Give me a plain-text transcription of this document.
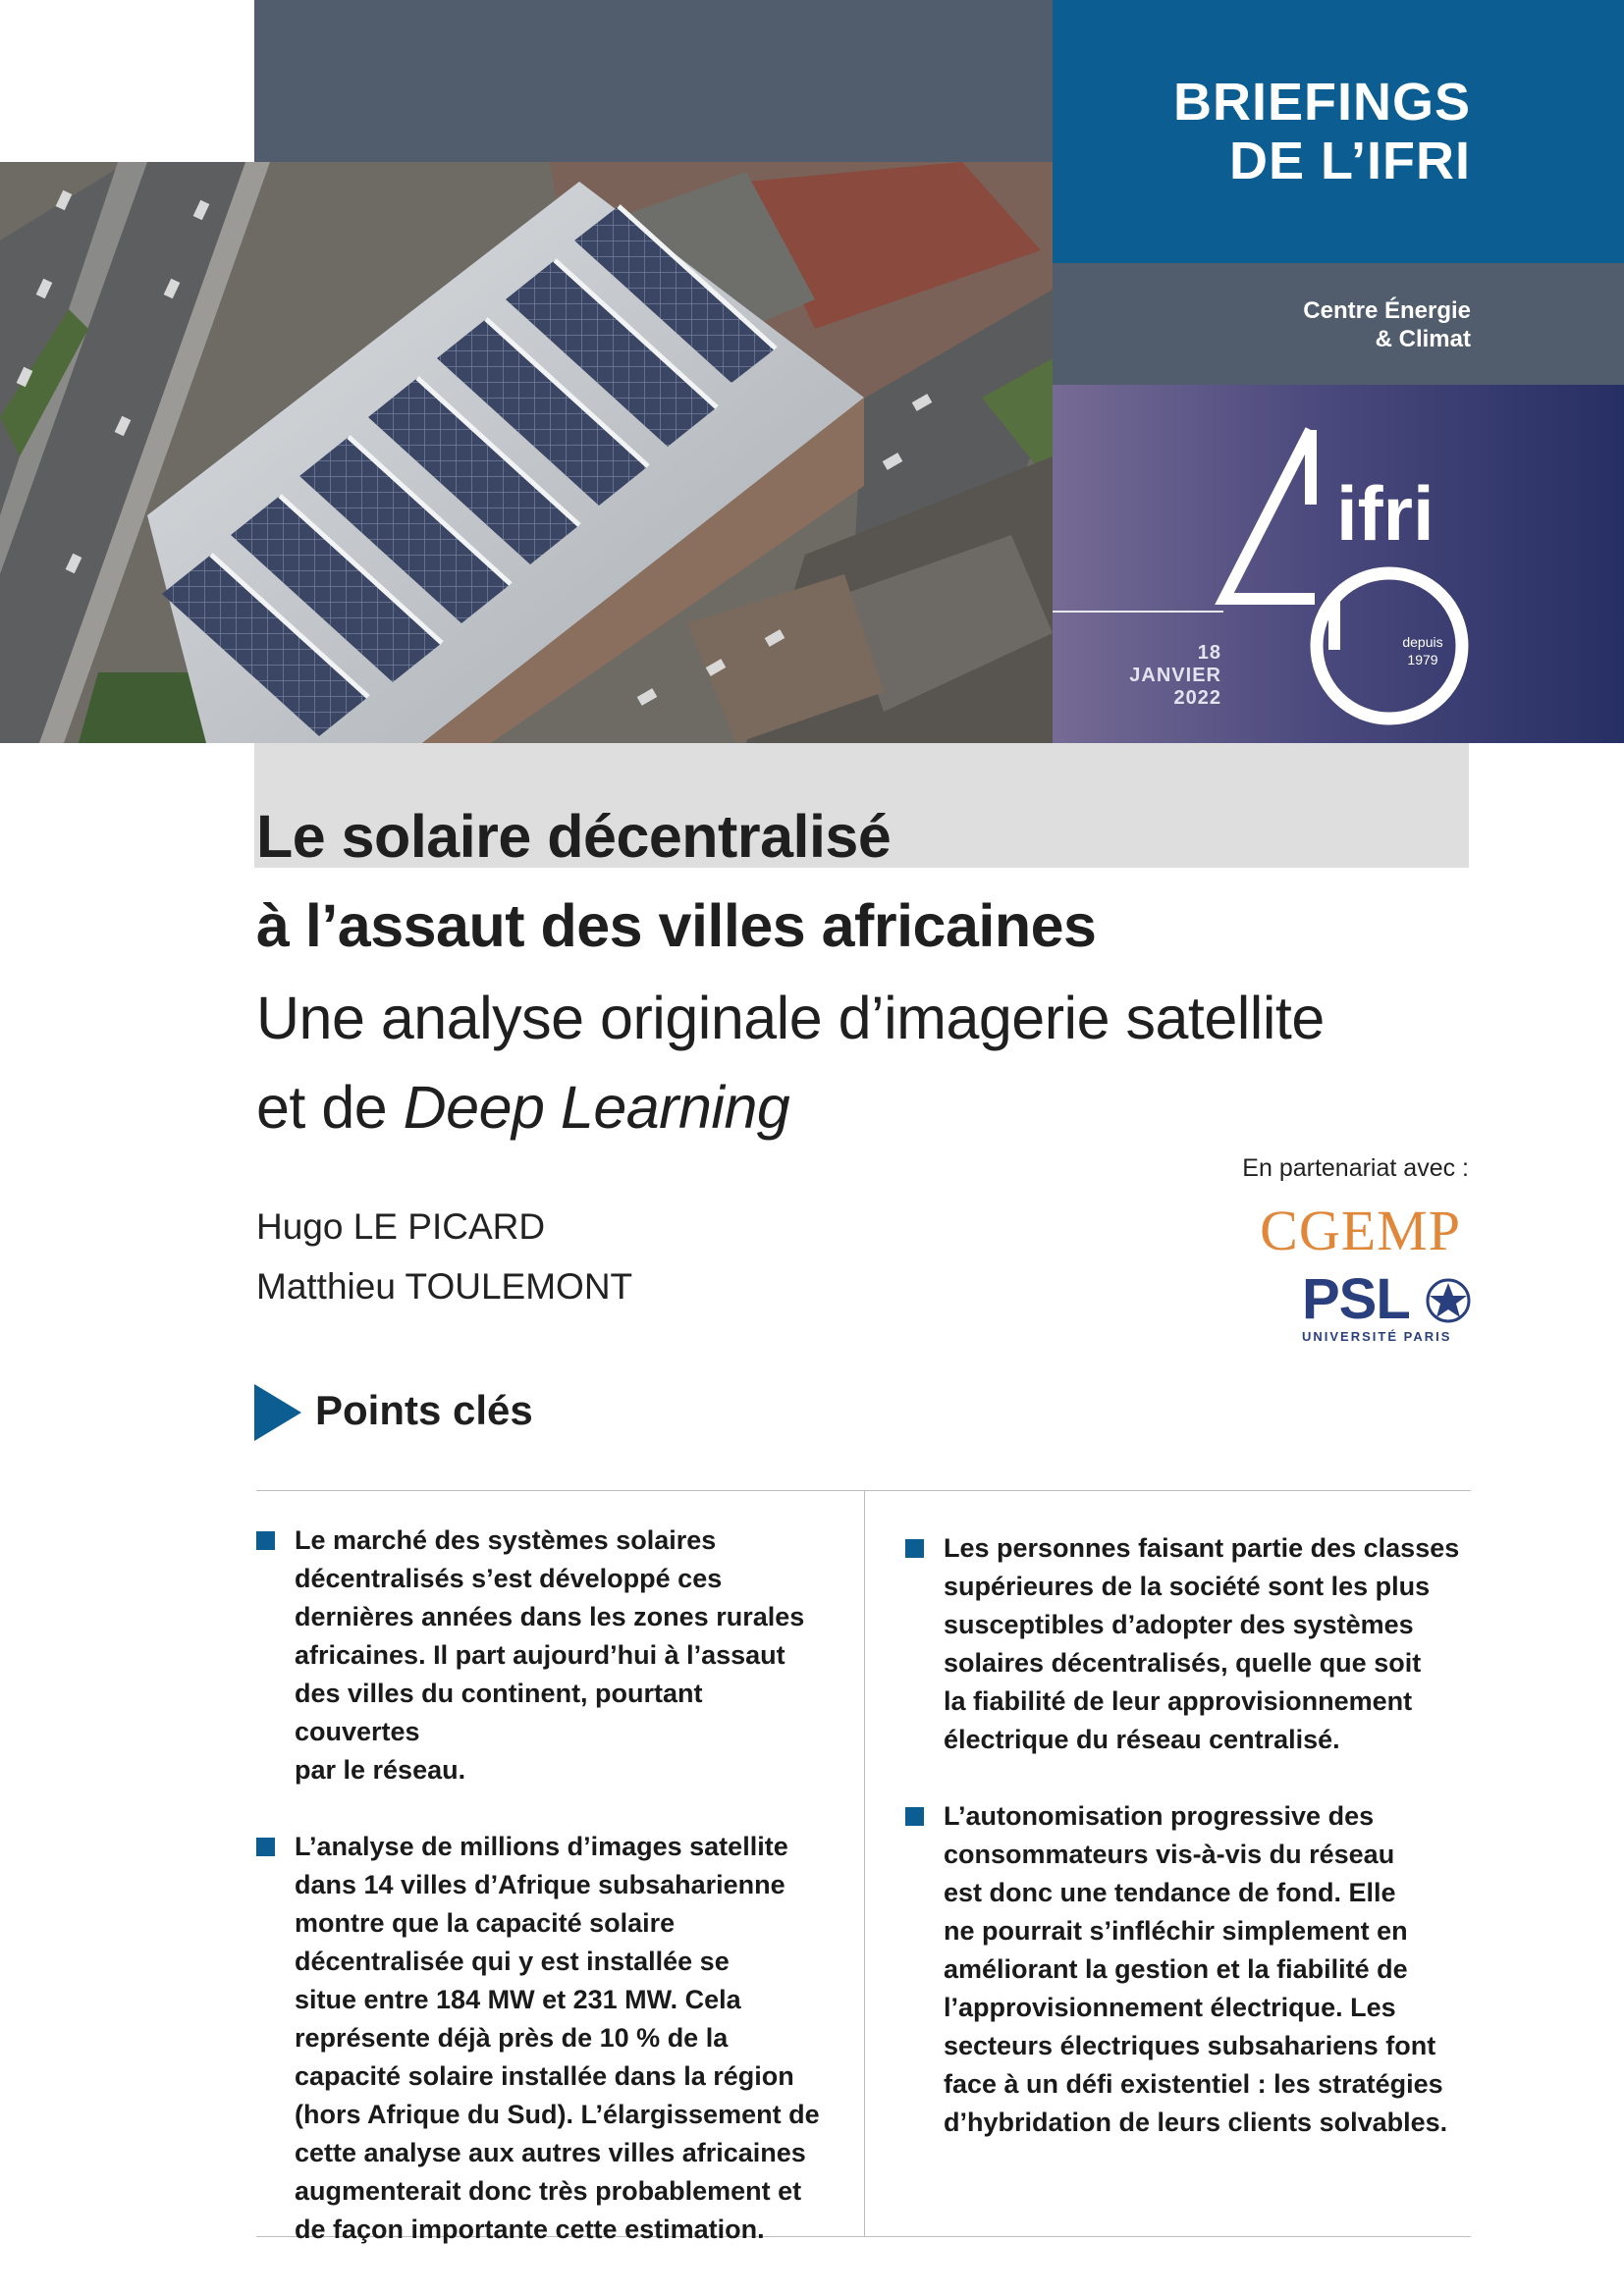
BRIEFINGS
DE L’IFRI
Centre Énergie
& Climat
18
JANVIER
2022
ifri
depuis
1979
Le solaire décentralisé
à l’assaut des villes africaines
Une analyse originale d’imagerie satellite
et de Deep Learning
En partenariat avec :
CGEMP
PSL
UNIVERSITÉ PARIS
Hugo LE PICARD
Matthieu TOULEMONT
Points clés
Le marché des systèmes solaires
décentralisés s’est développé ces
dernières années dans les zones rurales
africaines. Il part aujourd’hui à l’assaut
des villes du continent, pourtant couvertes
par le réseau.
L’analyse de millions d’images satellite
dans 14 villes d’Afrique subsaharienne
montre que la capacité solaire
décentralisée qui y est installée se
situe entre 184 MW et 231 MW. Cela
représente déjà près de 10 % de la
capacité solaire installée dans la région
(hors Afrique du Sud). L’élargissement de
cette analyse aux autres villes africaines
augmenterait donc très probablement et
de façon importante cette estimation.
Les personnes faisant partie des classes
supérieures de la société sont les plus
susceptibles d’adopter des systèmes
solaires décentralisés, quelle que soit
la fiabilité de leur approvisionnement
électrique du réseau centralisé.
L’autonomisation progressive des
consommateurs vis-à-vis du réseau
est donc une tendance de fond. Elle
ne pourrait s’infléchir simplement en
améliorant la gestion et la fiabilité de
l’approvisionnement électrique. Les
secteurs électriques subsahariens font
face à un défi existentiel : les stratégies
d’hybridation de leurs clients solvables.
